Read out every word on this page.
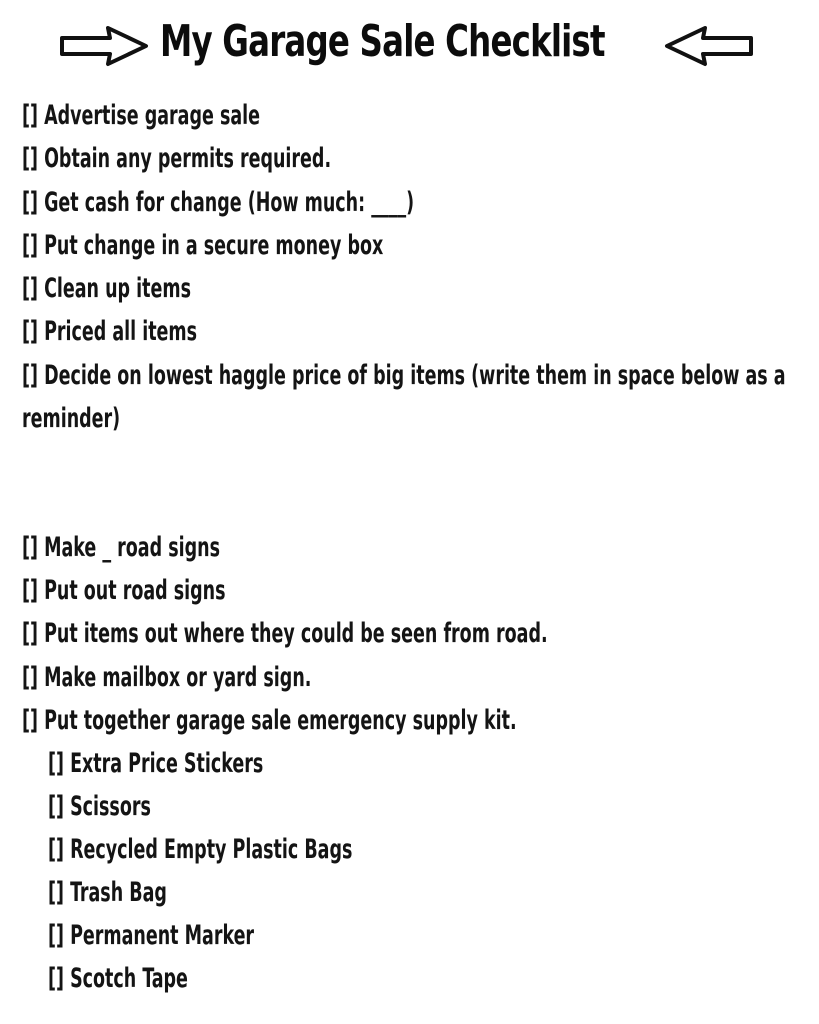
My Garage Sale Checklist
[] Advertise garage sale
[] Obtain any permits required.
[] Get cash for change (How much: ____)
[] Put change in a secure money box
[] Clean up items
[] Priced all items
[] Decide on lowest haggle price of big items (write them in space below as a reminder)
[] Make _ road signs
[] Put out road signs
[] Put items out where they could be seen from road.
[] Make mailbox or yard sign.
[] Put together garage sale emergency supply kit.
[] Extra Price Stickers
[] Scissors
[] Recycled Empty Plastic Bags
[] Trash Bag
[] Permanent Marker
[] Scotch Tape
